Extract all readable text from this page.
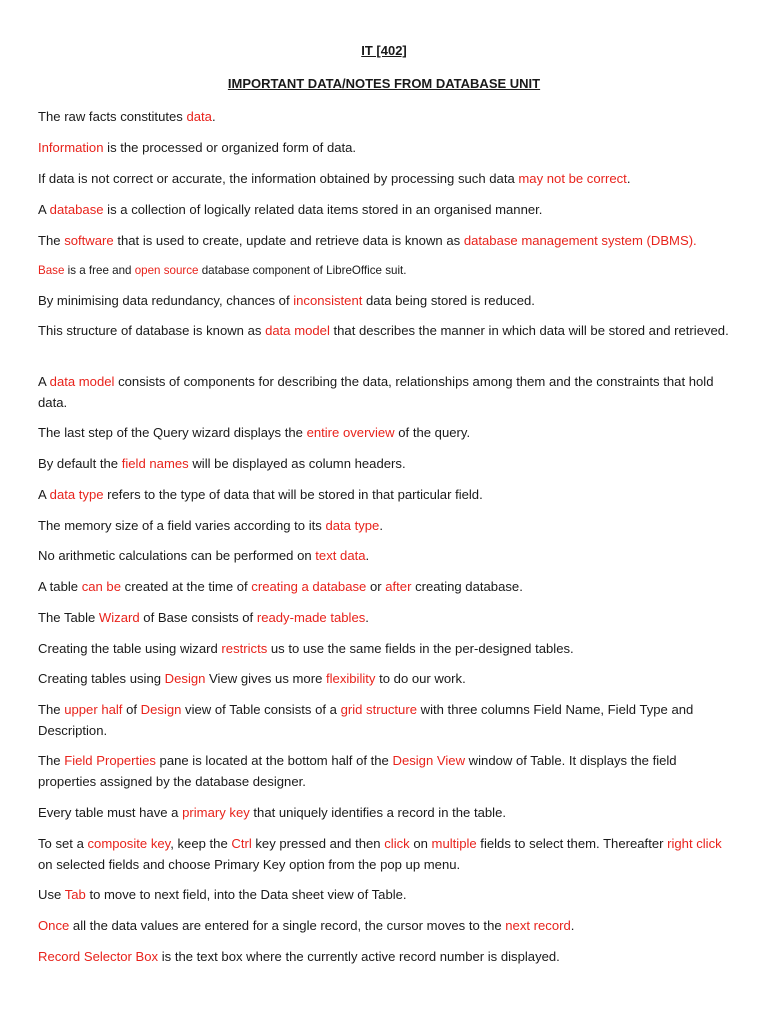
IT [402]
IMPORTANT DATA/NOTES FROM DATABASE UNIT

The raw facts constitutes data.

Information is the processed or organized form of data.

If data is not correct or accurate, the information obtained by processing such data may not be correct.

A database is a collection of logically related data items stored in an organised manner.

The software that is used to create, update and retrieve data is known as database management system (DBMS).

Base is a free and open source database component of LibreOffice suit.

By minimising data redundancy, chances of inconsistent data being stored is reduced.

This structure of database is known as data model that describes the manner in which data will be stored and retrieved.

A data model consists of components for describing the data, relationships among them and the constraints that hold data.

The last step of the Query wizard displays the entire overview of the query.

By default the field names will be displayed as column headers.

A data type refers to the type of data that will be stored in that particular field.

The memory size of a field varies according to its data type.

No arithmetic calculations can be performed on text data.

A table can be created at the time of creating a database or after creating database.

The Table Wizard of Base consists of ready-made tables.

Creating the table using wizard restricts us to use the same fields in the per-designed tables.

Creating tables using Design View gives us more flexibility to do our work.

The upper half of Design view of Table consists of a grid structure with three columns Field Name, Field Type and Description.

The Field Properties pane is located at the bottom half of the Design View window of Table. It displays the field properties assigned by the database designer.

Every table must have a primary key that uniquely identifies a record in the table.

To set a composite key, keep the Ctrl key pressed and then click on multiple fields to select them. Thereafter right click on selected fields and choose Primary Key option from the pop up menu.

Use Tab to move to next field, into the Data sheet view of Table.

Once all the data values are entered for a single record, the cursor moves to the next record.

Record Selector Box is the text box where the currently active record number is displayed.
